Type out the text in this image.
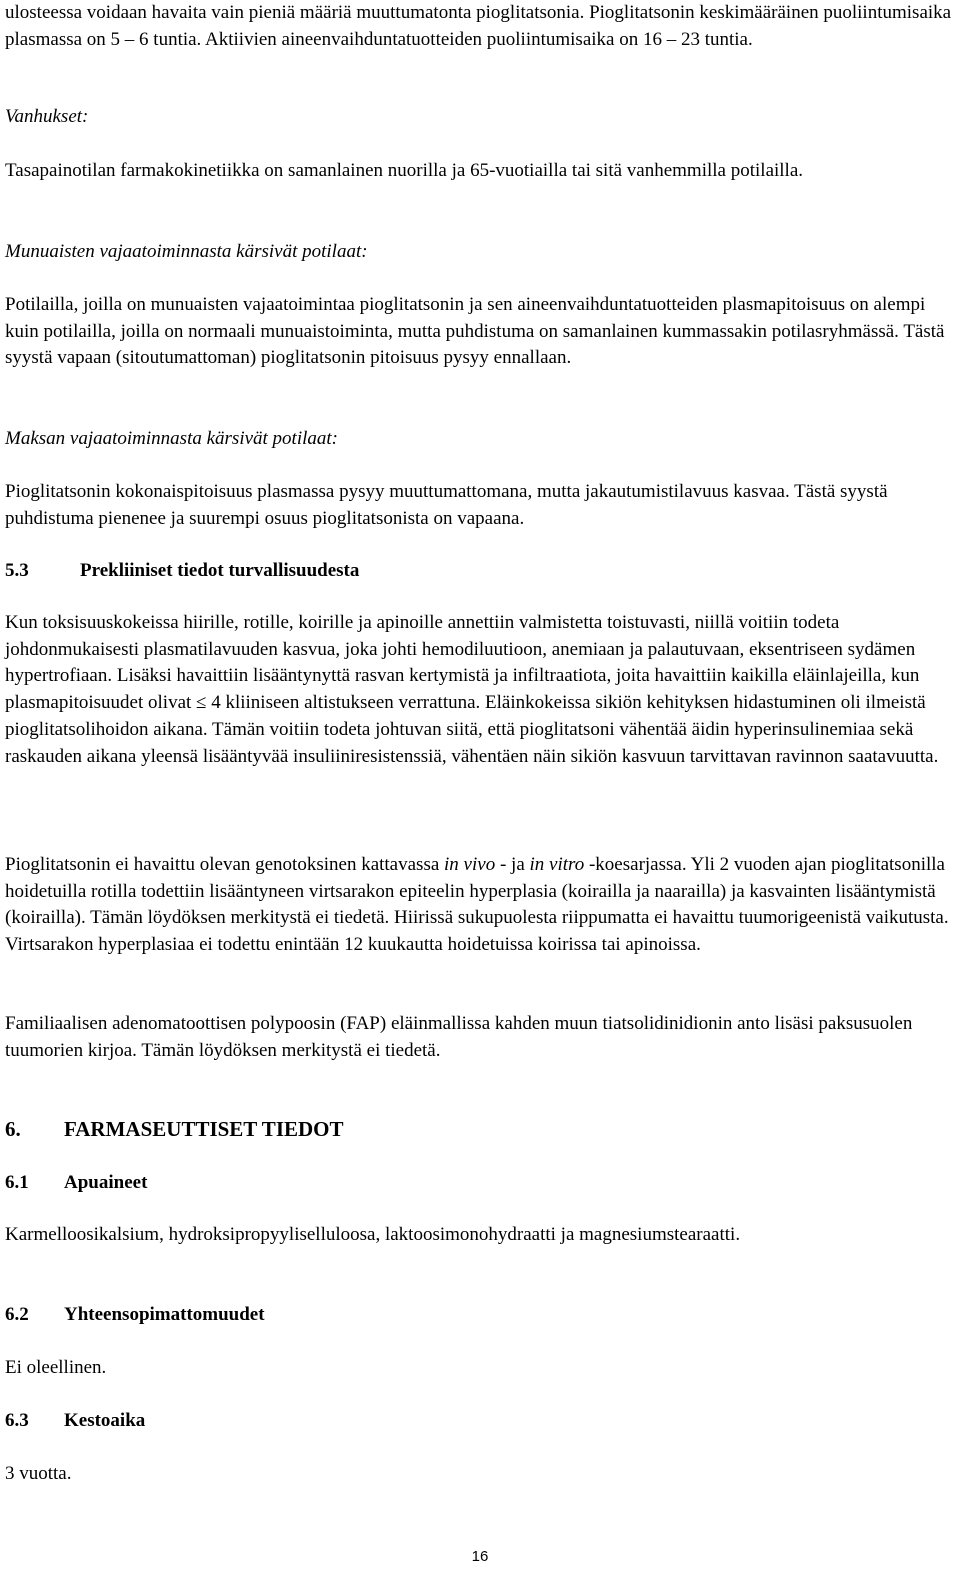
ulosteessa voidaan havaita vain pieniä määriä muuttumatonta pioglitatsonia. Pioglitatsonin keskimääräinen puoliintumisaika plasmassa on 5 – 6 tuntia. Aktiivien aineenvaihduntatuotteiden puoliintumisaika on 16 – 23 tuntia.

Vanhukset:

Tasapainotilan farmakokinetiikka on samanlainen nuorilla ja 65-vuotiailla tai sitä vanhemmilla potilailla.

Munuaisten vajaatoiminnasta kärsivät potilaat:

Potilailla, joilla on munuaisten vajaatoimintaa pioglitatsonin ja sen aineenvaihduntatuotteiden plasmapitoisuus on alempi kuin potilailla, joilla on normaali munuaistoiminta, mutta puhdistuma on samanlainen kummassakin potilasryhmässä. Tästä syystä vapaan (sitoutumattoman) pioglitatsonin pitoisuus pysyy ennallaan.

Maksan vajaatoiminnasta kärsivät potilaat:

Pioglitatsonin kokonaispitoisuus plasmassa pysyy muuttumattomana, mutta jakautumistilavuus kasvaa. Tästä syystä puhdistuma pienenee ja suurempi osuus pioglitatsonista on vapaana.

5.3	Prekliiniset tiedot turvallisuudesta

Kun toksisuuskokeissa hiirille, rotille, koirille ja apinoille annettiin valmistetta toistuvasti, niillä voitiin todeta johdonmukaisesti plasmatilavuuden kasvua, joka johti hemodiluutioon, anemiaan ja palautuvaan, eksentriseen sydämen hypertrofiaan. Lisäksi havaittiin lisääntynyttä rasvan kertymistä ja infiltraatiota, joita havaittiin kaikilla eläinlajeilla, kun plasmapitoisuudet olivat ≤ 4 kliiniseen altistukseen verrattuna. Eläinkokeissa sikiön kehityksen hidastuminen oli ilmeistä pioglitatsolihoidon aikana. Tämän voitiin todeta johtuvan siitä, että pioglitatsoni vähentää äidin hyperinsulinemiaa sekä raskauden aikana yleensä lisääntyvää insuliiniresistenssiä, vähentäen näin sikiön kasvuun tarvittavan ravinnon saatavuutta.

Pioglitatsonin ei havaittu olevan genotoksinen kattavassa in vivo - ja in vitro -koesarjassa. Yli 2 vuoden ajan pioglitatsonilla hoidetuilla rotilla todettiin lisääntyneen virtsarakon epiteelin hyperplasia (koirailla ja naarailla) ja kasvainten lisääntymistä (koirailla). Tämän löydöksen merkitystä ei tiedetä. Hiirissä sukupuolesta riippumatta ei havaittu tuumorigeenistä vaikutusta. Virtsarakon hyperplasiaa ei todettu enintään 12 kuukautta hoidetuissa koirissa tai apinoissa.

Familiaalisen adenomatoottisen polypoosin (FAP) eläinmallissa kahden muun tiatsolidinidionin anto lisäsi paksusuolen tuumorien kirjoa. Tämän löydöksen merkitystä ei tiedetä.

6. FARMASEUTTISET TIEDOT

6.1 Apuaineet

Karmelloosikalsium, hydroksipropyyliselluloosa, laktoosimonohydraatti ja magnesiumstearaatti.

6.2 Yhteensopimattomuudet

Ei oleellinen.

6.3 Kestoaika

3 vuotta.

16
